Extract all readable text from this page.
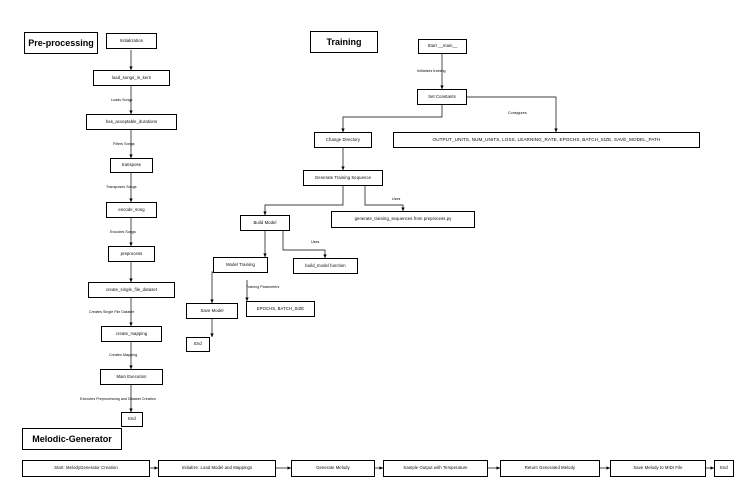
Pre-processing	Training
Melodic-Generator
Initialization
load_songs_in_kern
has_acceptable_durations
transpose
encode_song
preprocess
create_single_file_dataset
create_mapping
Main Execution
End
Loads Songs
Filters Songs
Transposes Songs
Encodes Songs
Creates Single File Dataset
Creates Mapping
Executes Preprocessing and Dataset Creation
Start __main__
Set Constants
Change Directory	OUTPUT_UNITS, NUM_UNITS, LOSS, LEARNING_RATE, EPOCHS, BATCH_SIZE, SAVE_MODEL_PATH
Generate Training Sequence
Build Model
generate_training_sequences from preprocess.py
Model Training	build_model function
Save Model	EPOCHS, BATCH_SIZE
End
Initializes training
Consigures
Uses
Uses
Training Parameters
Start: MelodyGenerator Creation	Initialize: Load Model and Mappings	Generate Melody	Sample Output with Temperature	Return Generated Melody	Save Melody to MIDI File	End
